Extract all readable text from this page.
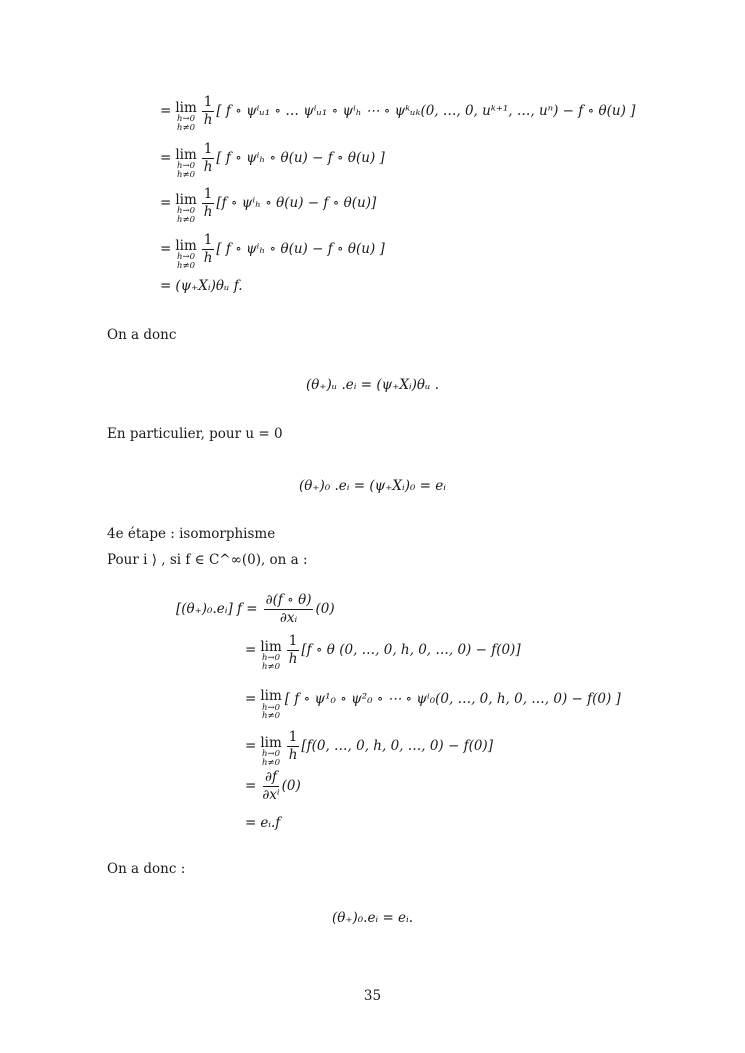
= lim
h→0
h≠0
$\frac{1}{h}$ [ f ∘ ψⁱᵤ₁ ∘ … ψⁱᵤ₁ ∘ ψⁱₕ ⋯ ∘ ψᵏᵤₖ(0, …, 0, uᵏ⁺¹, …, uⁿ) − f ∘ θ(u) ]
= lim
h→0
h≠0
$\frac{1}{h}$ [ f ∘ ψⁱₕ ∘ θ(u) − f ∘ θ(u) ]
= lim
h→0
h≠0
$\frac{1}{h} [f$ ∘ ψⁱₕ ∘ θ(u) − f ∘ θ(u)]
= lim
h→0
h≠0
$\frac{1}{h}$ [ f ∘ ψⁱₕ ∘ θ(u) − f ∘ θ(u) ]
= (ψ₊Xᵢ)θᵤ f.
On a donc
(θ₊)ᵤ .eᵢ = (ψ₊Xᵢ)θᵤ .
En particulier, pour u = 0
(θ₊)₀ .eᵢ = (ψ₊Xᵢ)₀ = eᵢ
4e étape : isomorphisme
Pour i ⟩ , si f ∈ C^∞(0), on a :
[(θ₊)₀.eᵢ] $f = \frac{\partial(f \circ \theta)}{\text{∂xᵢ}} (0)$
= lim
h→0
h≠0
$\frac{1}{h} [f$ ∘ θ (0, …, 0, h, 0, …, 0) − f(0)]
= lim
h→0
h≠0
[ f ∘ ψ¹₀ ∘ ψ²₀ ∘ ⋯ ∘ ψⁱ₀(0, …, 0, h, 0, …, 0) − f(0) ]
= lim
h→0
h≠0
$\frac{1}{h} [f(0$, …, 0, h, 0, …, 0) − f(0)]
= $\frac{\partial f}{\text{∂xⁱ}} (0)$
= eᵢ.f
On a donc :
(θ₊)₀.eᵢ = eᵢ.
35
